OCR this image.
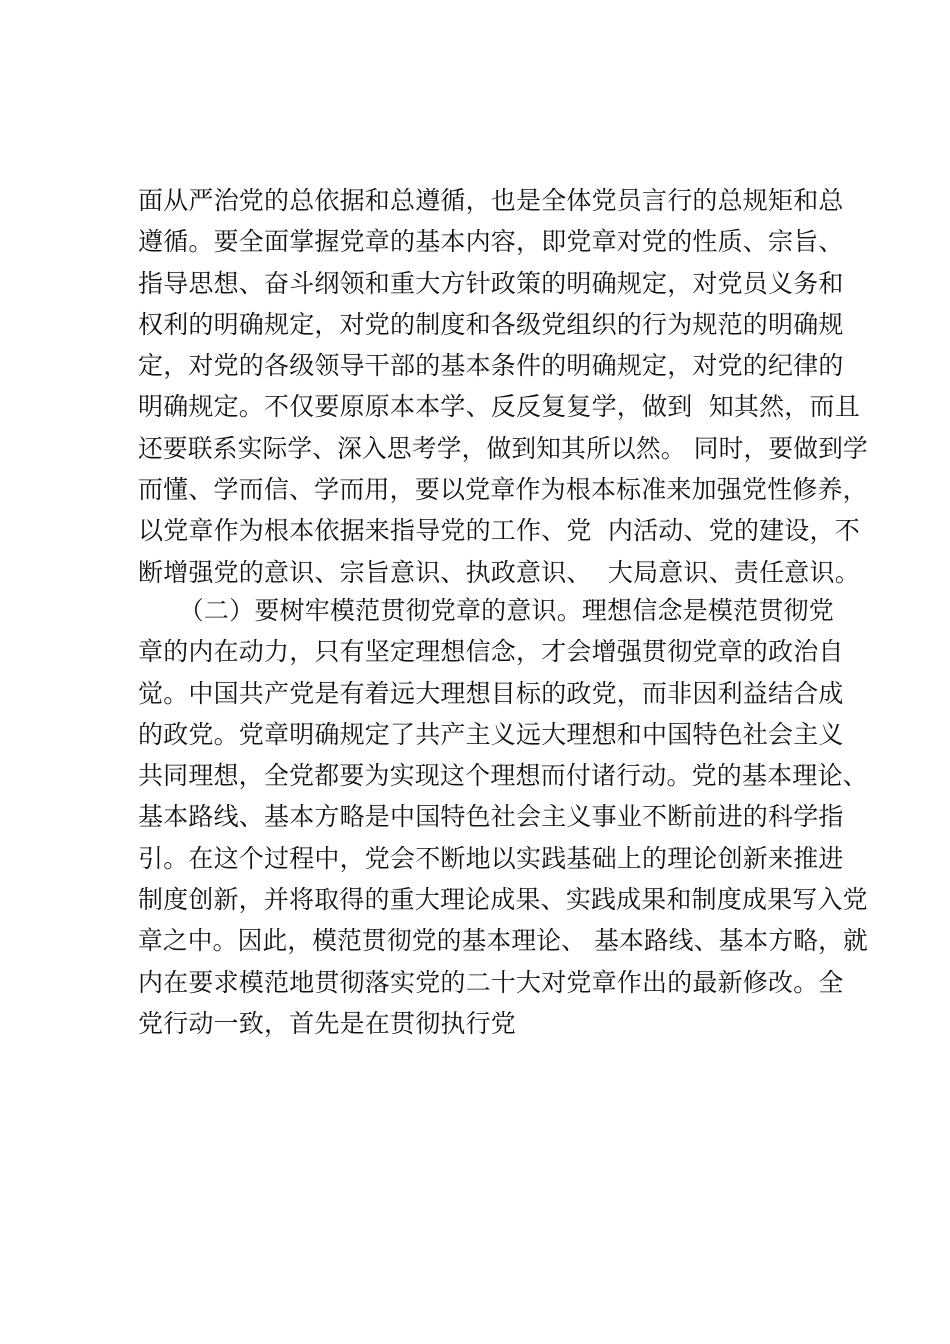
面从严治党的总依据和总遵循，也是全体党员言行的总规矩和总
遵循。要全面掌握党章的基本内容，即党章对党的性质、宗旨、
指导思想、奋斗纲领和重大方针政策的明确规定，对党员义务和
权利的明确规定，对党的制度和各级党组织的行为规范的明确规
定，对党的各级领导干部的基本条件的明确规定，对党的纪律的
明确规定。不仅要原原本本学、反反复复学，做到  知其然，而且
还要联系实际学、深入思考学，做到知其所以然。 同时，要做到学
而懂、学而信、学而用，要以党章作为根本标准来加强党性修养，
以党章作为根本依据来指导党的工作、党  内活动、党的建设，不
断增强党的意识、宗旨意识、执政意识、  大局意识、责任意识。
（二）要树牢模范贯彻党章的意识。理想信念是模范贯彻党
章的内在动力，只有坚定理想信念，才会增强贯彻党章的政治自
觉。中国共产党是有着远大理想目标的政党，而非因利益结合成
的政党。党章明确规定了共产主义远大理想和中国特色社会主义
共同理想，全党都要为实现这个理想而付诸行动。党的基本理论、
基本路线、基本方略是中国特色社会主义事业不断前进的科学指
引。在这个过程中，党会不断地以实践基础上的理论创新来推进
制度创新，并将取得的重大理论成果、实践成果和制度成果写入党
章之中。因此，模范贯彻党的基本理论、 基本路线、基本方略，就
内在要求模范地贯彻落实党的二十大对党章作出的最新修改。全
党行动一致，首先是在贯彻执行党
